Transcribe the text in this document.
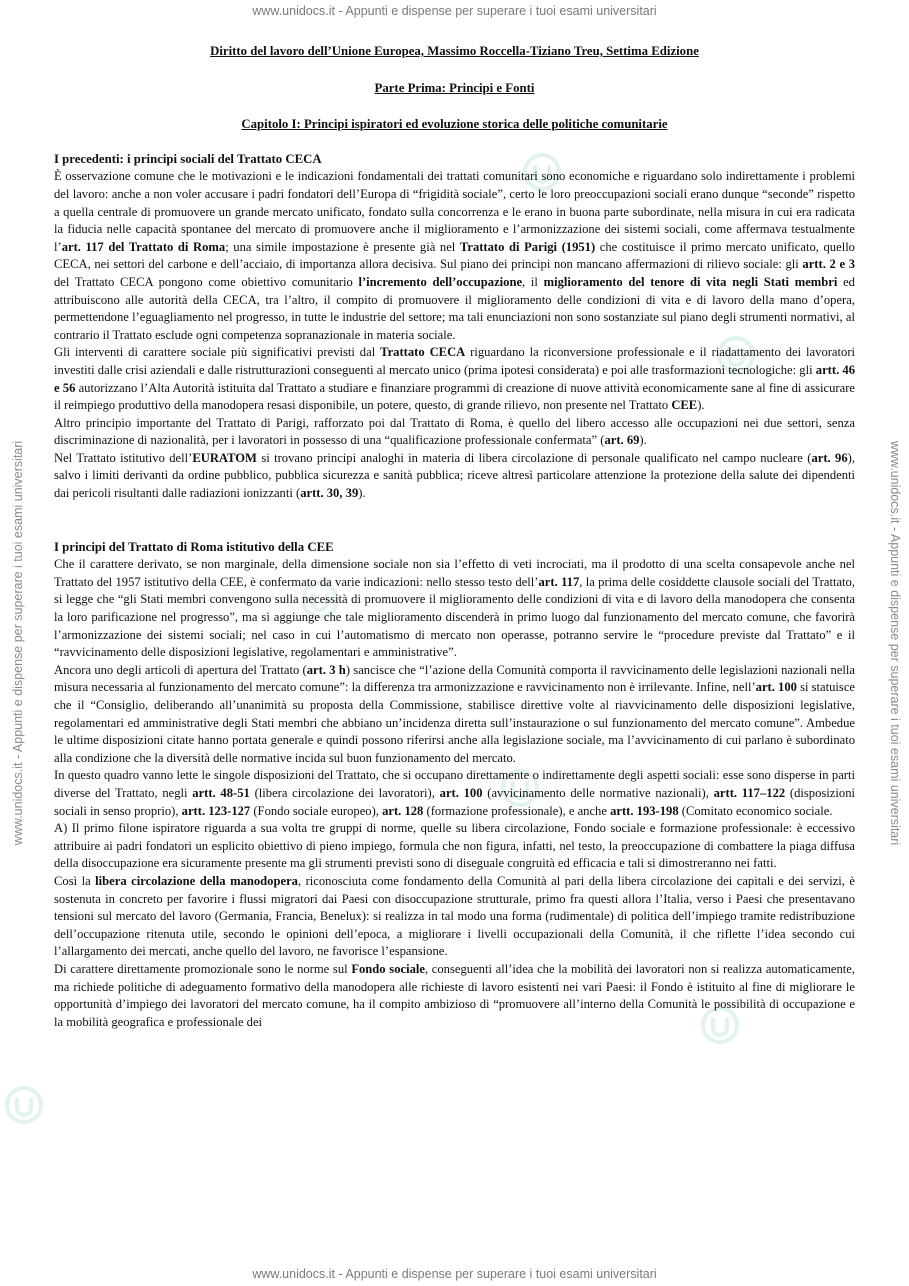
www.unidocs.it - Appunti e dispense per superare i tuoi esami universitari
www.unidocs.it - Appunti e dispense per superare i tuoi esami universitari
www.unidocs.it - Appunti e dispense per superare i tuoi esami universitari	www.unidocs.it - Appunti e dispense per superare i tuoi esami universitari
Diritto del lavoro dell’Unione Europea, Massimo Roccella-Tiziano Treu, Settima Edizione
Parte Prima: Principi e Fonti
Capitolo I: Principi ispiratori ed evoluzione storica delle politiche comunitarie
I precedenti: i principi sociali del Trattato CECA

È osservazione comune che le motivazioni e le indicazioni fondamentali dei trattati comunitari sono economiche e riguardano solo indirettamente i problemi del lavoro: anche a non voler accusare i padri fondatori dell’Europa di “frigidità sociale”, certo le loro preoccupazioni sociali erano dunque “seconde” rispetto a quella centrale di promuovere un grande mercato unificato, fondato sulla concorrenza e le erano in buona parte subordinate, nella misura in cui era radicata la fiducia nelle capacità spontanee del mercato di promuovere anche il miglioramento e l’armonizzazione dei sistemi sociali, come affermava testualmente l’art. 117 del Trattato di Roma; una simile impostazione è presente già nel Trattato di Parigi (1951) che costituisce il primo mercato unificato, quello CECA, nei settori del carbone e dell’acciaio, di importanza allora decisiva. Sul piano dei principi non mancano affermazioni di rilievo sociale: gli artt. 2 e 3 del Trattato CECA pongono come obiettivo comunitario l’incremento dell’occupazione, il miglioramento del tenore di vita negli Stati membri ed attribuiscono alle autorità della CECA, tra l’altro, il compito di promuovere il miglioramento delle condizioni di vita e di lavoro della mano d’opera, permettendone l’eguagliamento nel progresso, in tutte le industrie del settore; ma tali enunciazioni non sono sostanziate sul piano degli strumenti normativi, al contrario il Trattato esclude ogni competenza sopranazionale in materia sociale.

Gli interventi di carattere sociale più significativi previsti dal Trattato CECA riguardano la riconversione professionale e il riadattamento dei lavoratori investiti dalle crisi aziendali e dalle ristrutturazioni conseguenti al mercato unico (prima ipotesi considerata) e poi alle trasformazioni tecnologiche: gli artt. 46 e 56 autorizzano l’Alta Autorità istituita dal Trattato a studiare e finanziare programmi di creazione di nuove attività economicamente sane al fine di assicurare il reimpiego produttivo della manodopera resasi disponibile, un potere, questo, di grande rilievo, non presente nel Trattato CEE).

Altro principio importante del Trattato di Parigi, rafforzato poi dal Trattato di Roma, è quello del libero accesso alle occupazioni nei due settori, senza discriminazione di nazionalità, per i lavoratori in possesso di una “qualificazione professionale confermata” (art. 69).

Nel Trattato istitutivo dell’EURATOM si trovano principi analoghi in materia di libera circolazione di personale qualificato nel campo nucleare (art. 96), salvo i limiti derivanti da ordine pubblico, pubblica sicurezza e sanità pubblica; riceve altresì particolare attenzione la protezione della salute dei dipendenti dai pericoli risultanti dalle radiazioni ionizzanti (artt. 30, 39).

I principi del Trattato di Roma istitutivo della CEE

Che il carattere derivato, se non marginale, della dimensione sociale non sia l’effetto di veti incrociati, ma il prodotto di una scelta consapevole anche nel Trattato del 1957 istitutivo della CEE, è confermato da varie indicazioni: nello stesso testo dell’art. 117, la prima delle cosiddette clausole sociali del Trattato, si legge che “gli Stati membri convengono sulla necessità di promuovere il miglioramento delle condizioni di vita e di lavoro della manodopera che consenta la loro parificazione nel progresso”, ma si aggiunge che tale miglioramento discenderà in primo luogo dal funzionamento del mercato comune, che favorirà l’armonizzazione dei sistemi sociali; nel caso in cui l’automatismo di mercato non operasse, potranno servire le “procedure previste dal Trattato” e il “ravvicinamento delle disposizioni legislative, regolamentari e amministrative”.

Ancora uno degli articoli di apertura del Trattato (art. 3 h) sancisce che “l’azione della Comunità comporta il ravvicinamento delle legislazioni nazionali nella misura necessaria al funzionamento del mercato comune”: la differenza tra armonizzazione e ravvicinamento non è irrilevante. Infine, nell’art. 100 si statuisce che il “Consiglio, deliberando all’unanimità su proposta della Commissione, stabilisce direttive volte al riavvicinamento delle disposizioni legislative, regolamentari ed amministrative degli Stati membri che abbiano un’incidenza diretta sull’instaurazione o sul funzionamento del mercato comune”. Ambedue le ultime disposizioni citate hanno portata generale e quindi possono riferirsi anche alla legislazione sociale, ma l’avvicinamento di cui parlano è subordinato alla condizione che la diversità delle normative incida sul buon funzionamento del mercato.

In questo quadro vanno lette le singole disposizioni del Trattato, che si occupano direttamente o indirettamente degli aspetti sociali: esse sono disperse in parti diverse del Trattato, negli artt. 48-51 (libera circolazione dei lavoratori), art. 100 (avvicinamento delle normative nazionali), artt. 117–122 (disposizioni sociali in senso proprio), artt. 123-127 (Fondo sociale europeo), art. 128 (formazione professionale), e anche artt. 193-198 (Comitato economico sociale.

A) Il primo filone ispiratore riguarda a sua volta tre gruppi di norme, quelle su libera circolazione, Fondo sociale e formazione professionale: è eccessivo attribuire ai padri fondatori un esplicito obiettivo di pieno impiego, formula che non figura, infatti, nel testo, la preoccupazione di combattere la piaga diffusa della disoccupazione era sicuramente presente ma gli strumenti previsti sono di diseguale congruità ed efficacia e tali si dimostreranno nei fatti.

Così la libera circolazione della manodopera, riconosciuta come fondamento della Comunità al pari della libera circolazione dei capitali e dei servizi, è sostenuta in concreto per favorire i flussi migratori dai Paesi con disoccupazione strutturale, primo fra questi allora l’Italia, verso i Paesi che presentavano tensioni sul mercato del lavoro (Germania, Francia, Benelux): si realizza in tal modo una forma (rudimentale) di politica dell’impiego tramite redistribuzione dell’occupazione ritenuta utile, secondo le opinioni dell’epoca, a migliorare i livelli occupazionali della Comunità, il che riflette l’idea secondo cui l’allargamento dei mercati, anche quello del lavoro, ne favorisce l’espansione.

Di carattere direttamente promozionale sono le norme sul Fondo sociale, conseguenti all’idea che la mobilità dei lavoratori non si realizza automaticamente, ma richiede politiche di adeguamento formativo della manodopera alle richieste di lavoro esistenti nei vari Paesi: il Fondo è istituito al fine di migliorare le opportunità d’impiego dei lavoratori del mercato comune, ha il compito ambizioso di “promuovere all’interno della Comunità le possibilità di occupazione e la mobilità geografica e professionale dei
